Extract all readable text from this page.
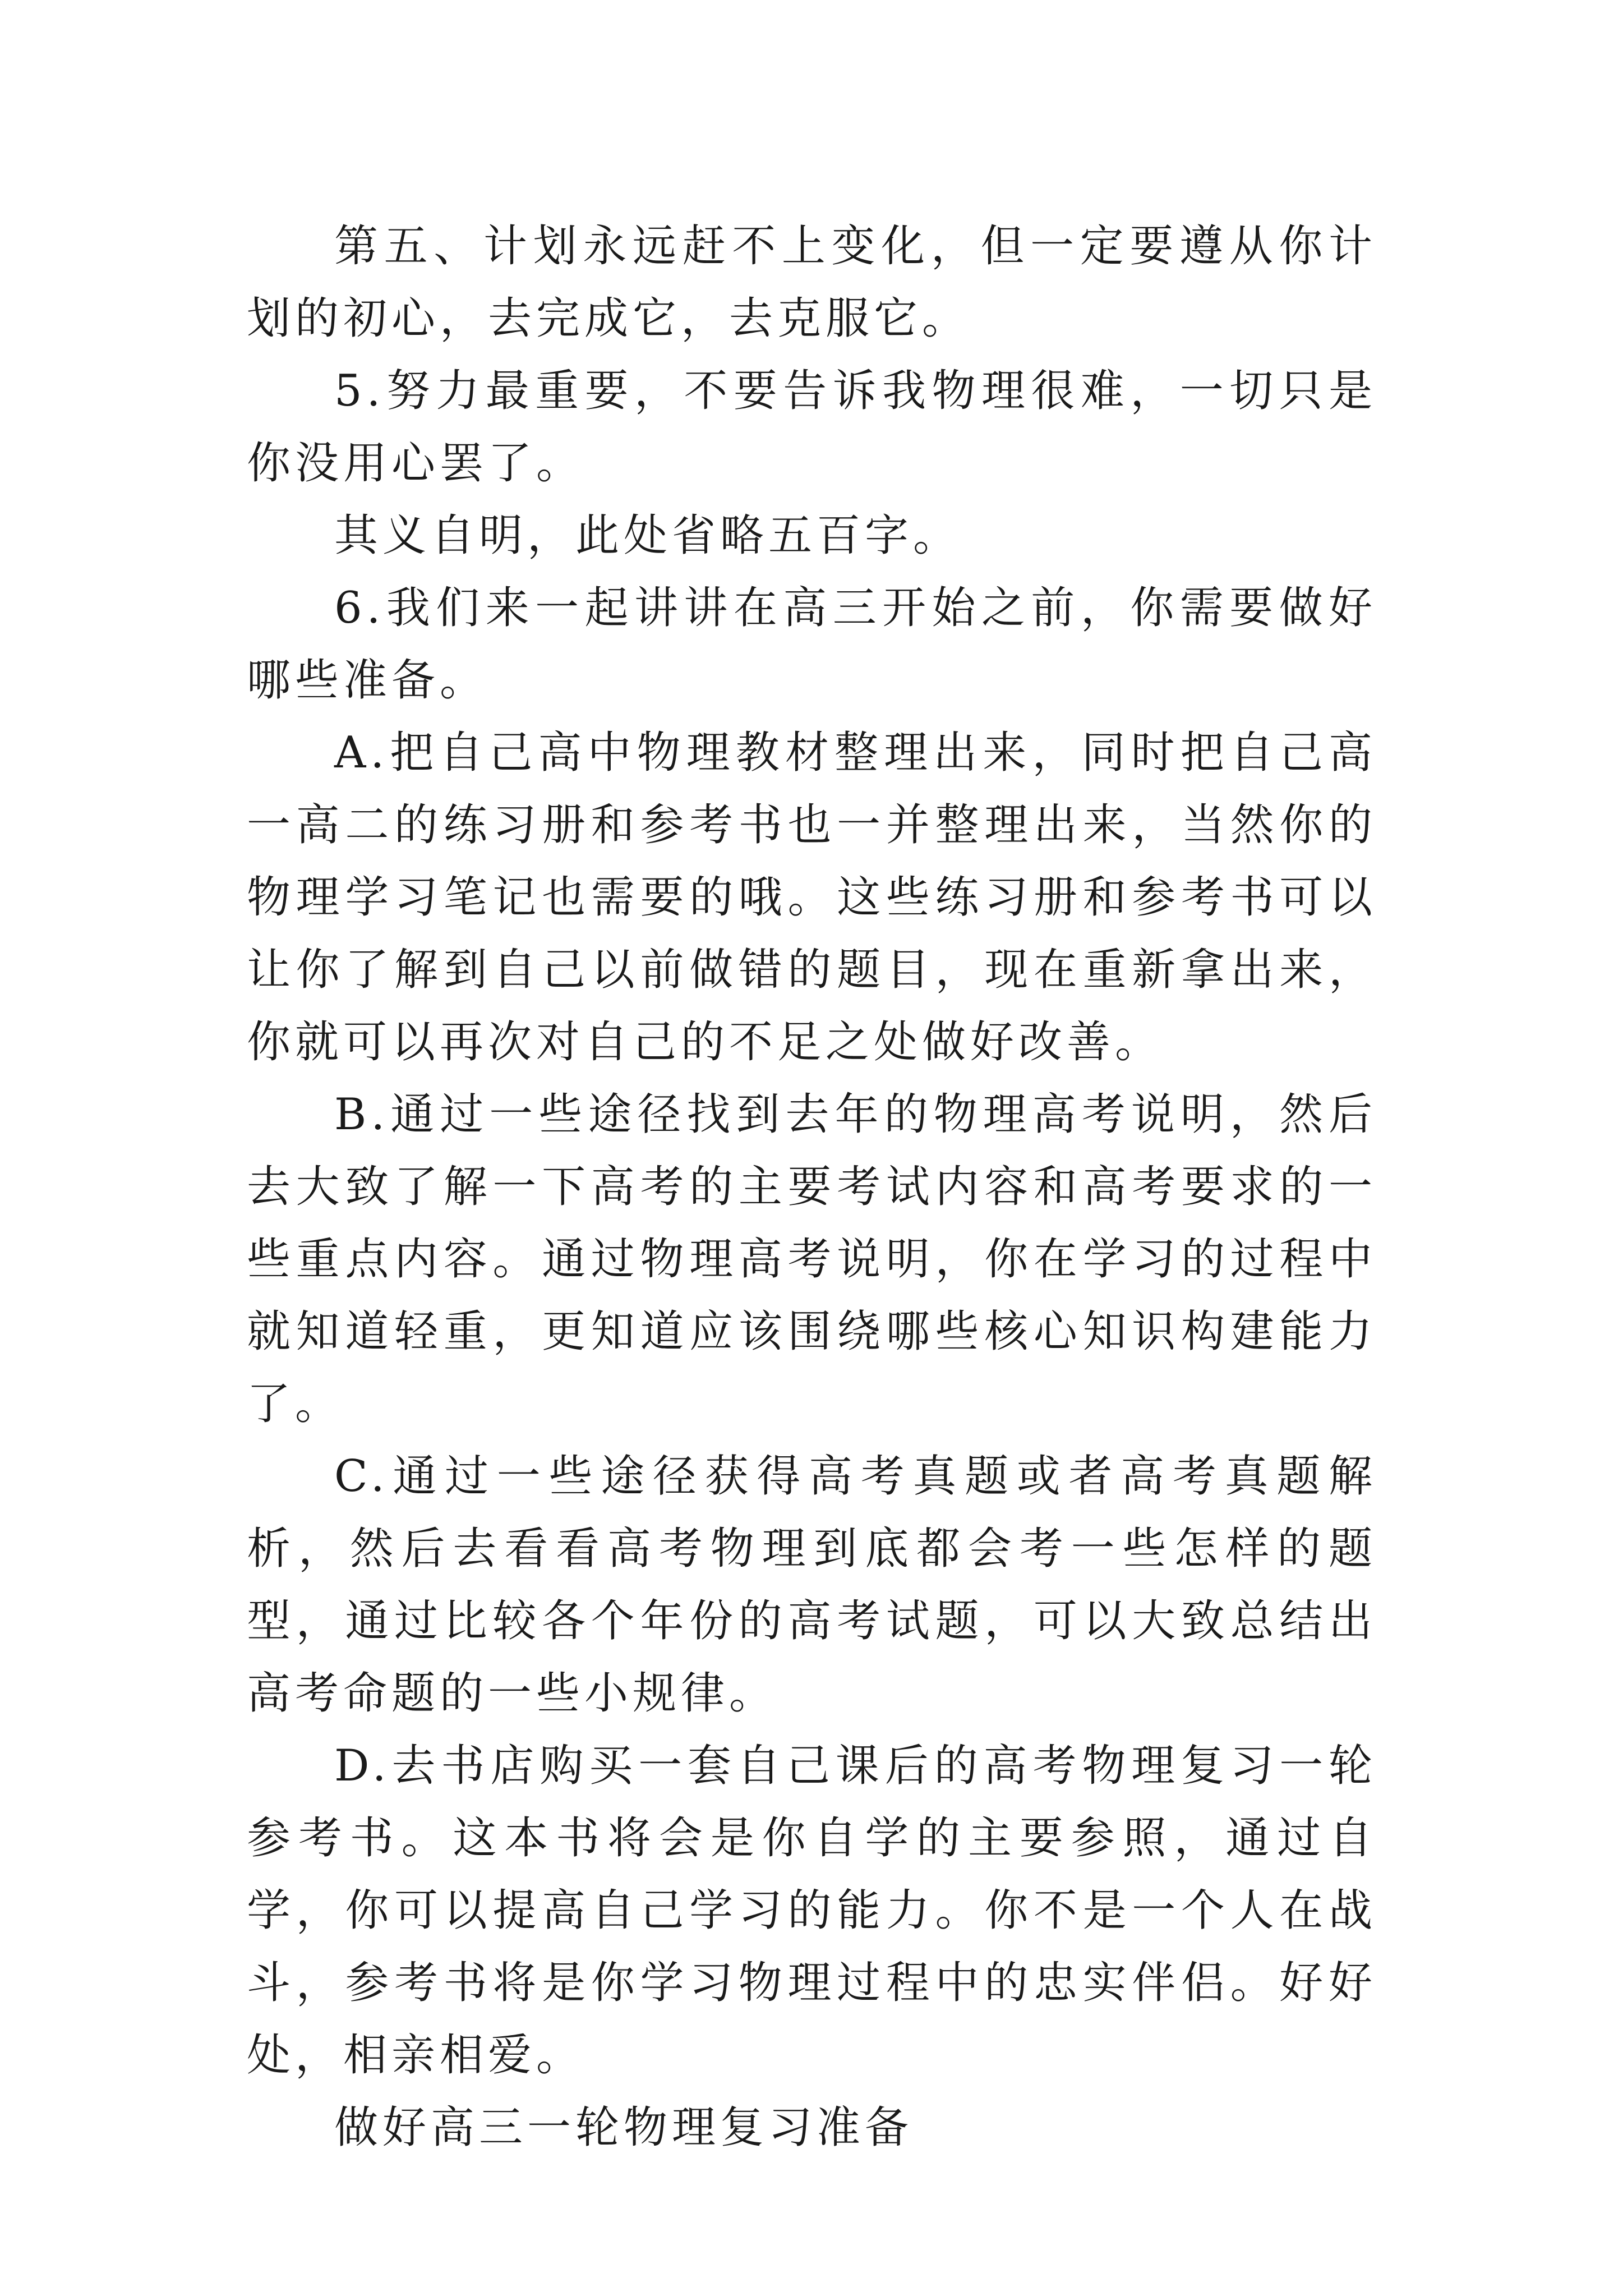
第五、计划永远赶不上变化，但一定要遵从你计划的初心，去完成它，去克服它。

5.努力最重要，不要告诉我物理很难，一切只是你没用心罢了。

其义自明，此处省略五百字。

6.我们来一起讲讲在高三开始之前，你需要做好哪些准备。

A.把自己高中物理教材整理出来，同时把自己高一高二的练习册和参考书也一并整理出来，当然你的物理学习笔记也需要的哦。这些练习册和参考书可以让你了解到自己以前做错的题目，现在重新拿出来，你就可以再次对自己的不足之处做好改善。

B.通过一些途径找到去年的物理高考说明，然后去大致了解一下高考的主要考试内容和高考要求的一些重点内容。通过物理高考说明，你在学习的过程中就知道轻重，更知道应该围绕哪些核心知识构建能力了。

C.通过一些途径获得高考真题或者高考真题解析，然后去看看高考物理到底都会考一些怎样的题型，通过比较各个年份的高考试题，可以大致总结出高考命题的一些小规律。

D.去书店购买一套自己课后的高考物理复习一轮参考书。这本书将会是你自学的主要参照，通过自学，你可以提高自己学习的能力。你不是一个人在战斗，参考书将是你学习物理过程中的忠实伴侣。好好处，相亲相爱。

做好高三一轮物理复习准备
